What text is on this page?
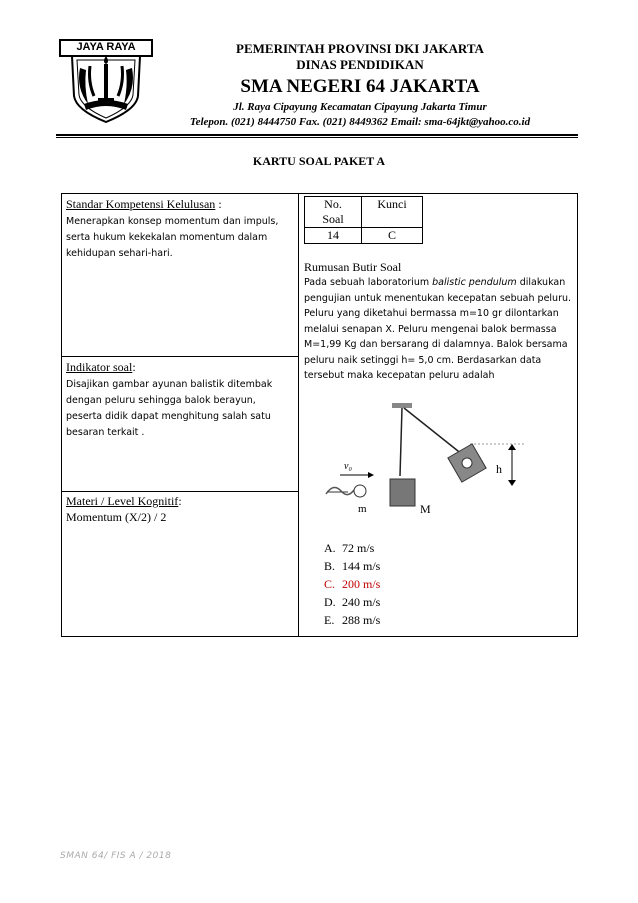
JAYA RAYA	PEMERINTAH PROVINSI DKI JAKARTA
DINAS PENDIDIKAN
SMA NEGERI 64 JAKARTA
Jl. Raya Cipayung Kecamatan Cipayung Jakarta Timur
Telepon. (021) 8444750 Fax. (021) 8449362 Email: sma-64jkt@yahoo.co.id
KARTU SOAL PAKET A
Standar Kompetensi Kelulusan :
Menerapkan konsep momentum dan impuls, serta hukum kekekalan momentum dalam kehidupan sehari-hari.
Indikator soal:
Disajikan gambar ayunan balistik ditembak dengan peluru sehingga balok berayun, peserta didik dapat menghitung salah satu besaran terkait .
Materi / Level Kognitif:
Momentum (X/2) / 2
No.
Soal	Kunci
14	C
Rumusan Butir Soal
Pada sebuah laboratorium balistic pendulum dilakukan pengujian untuk menentukan kecepatan sebuah peluru. Peluru yang diketahui bermassa m=10 gr dilontarkan melalui senapan X. Peluru mengenai balok bermassa M=1,99 Kg dan bersarang di dalamnya. Balok bersama peluru naik setinggi h= 5,0 cm. Berdasarkan data tersebut maka kecepatan peluru adalah
v₀
m	M
h
A. 72 m/s
B. 144 m/s
C. 200 m/s
D. 240 m/s
E. 288 m/s
SMAN 64/ FIS A / 2018
